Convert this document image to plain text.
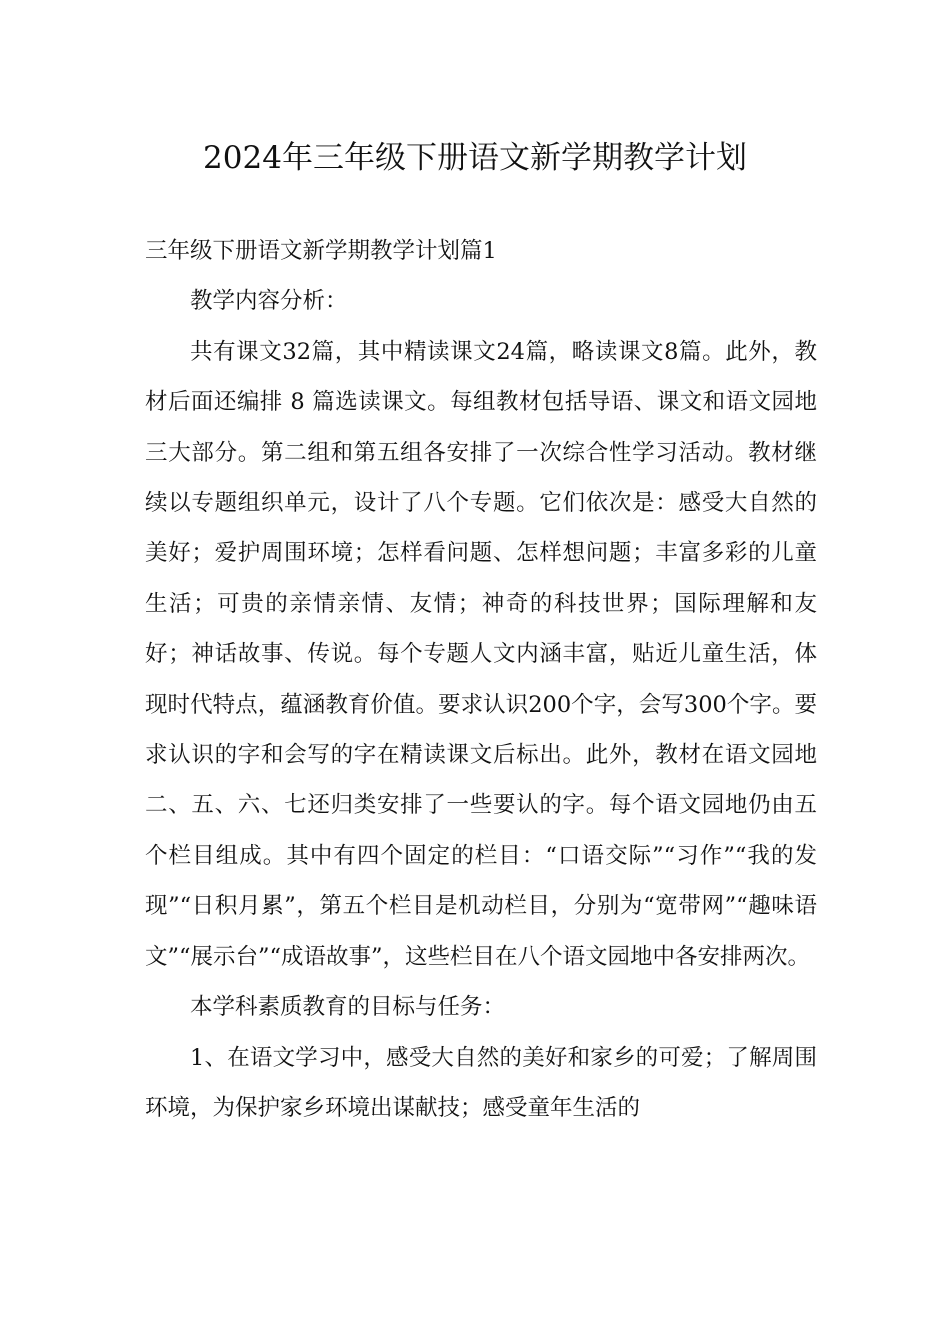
2024年三年级下册语文新学期教学计划

三年级下册语文新学期教学计划篇1

教学内容分析：

共有课文32篇，其中精读课文24篇，略读课文8篇。此外，教材后面还编排 8 篇选读课文。每组教材包括导语、课文和语文园地三大部分。第二组和第五组各安排了一次综合性学习活动。教材继续以专题组织单元，设计了八个专题。它们依次是：感受大自然的美好；爱护周围环境；怎样看问题、怎样想问题；丰富多彩的儿童生活；可贵的亲情亲情、友情；神奇的科技世界；国际理解和友好；神话故事、传说。每个专题人文内涵丰富，贴近儿童生活，体现时代特点，蕴涵教育价值。要求认识200个字，会写300个字。要求认识的字和会写的字在精读课文后标出。此外，教材在语文园地二、五、六、七还归类安排了一些要认的字。每个语文园地仍由五个栏目组成。其中有四个固定的栏目：“口语交际”“习作”“我的发现”“日积月累”，第五个栏目是机动栏目，分别为“宽带网”“趣味语文”“展示台”“成语故事”，这些栏目在八个语文园地中各安排两次。

本学科素质教育的目标与任务：

1、在语文学习中，感受大自然的美好和家乡的可爱；了解周围环境，为保护家乡环境出谋献技；感受童年生活的
